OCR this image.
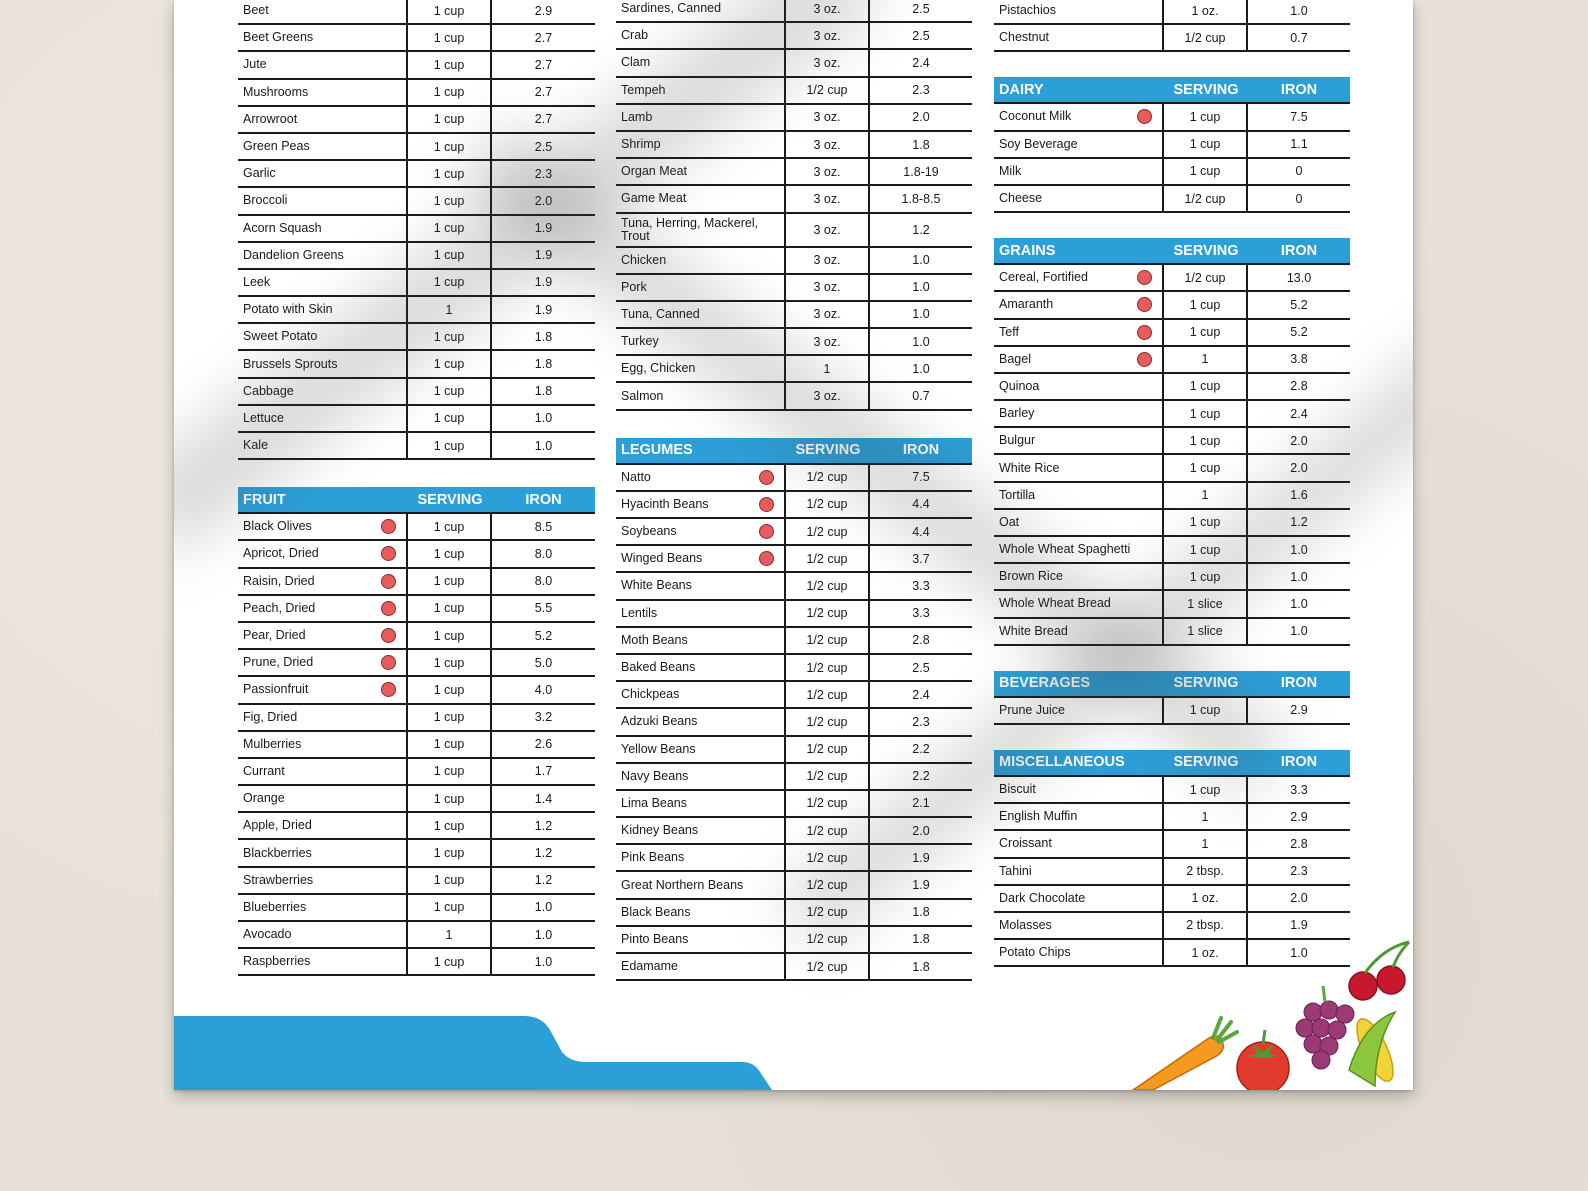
Beet	1 cup	2.9
Beet Greens	1 cup	2.7
Jute	1 cup	2.7
Mushrooms	1 cup	2.7
Arrowroot	1 cup	2.7
Green Peas	1 cup	2.5
Garlic	1 cup	2.3
Broccoli	1 cup	2.0
Acorn Squash	1 cup	1.9
Dandelion Greens	1 cup	1.9
Leek	1 cup	1.9
Potato with Skin	1	1.9
Sweet Potato	1 cup	1.8
Brussels Sprouts	1 cup	1.8
Cabbage	1 cup	1.8
Lettuce	1 cup	1.0
Kale	1 cup	1.0
FRUIT	SERVING	IRON
Black Olives	1 cup	8.5
Apricot, Dried	1 cup	8.0
Raisin, Dried	1 cup	8.0
Peach, Dried	1 cup	5.5
Pear, Dried	1 cup	5.2
Prune, Dried	1 cup	5.0
Passionfruit	1 cup	4.0
Fig, Dried	1 cup	3.2
Mulberries	1 cup	2.6
Currant	1 cup	1.7
Orange	1 cup	1.4
Apple, Dried	1 cup	1.2
Blackberries	1 cup	1.2
Strawberries	1 cup	1.2
Blueberries	1 cup	1.0
Avocado	1	1.0
Raspberries	1 cup	1.0
Sardines, Canned	3 oz.	2.5
Crab	3 oz.	2.5
Clam	3 oz.	2.4
Tempeh	1/2 cup	2.3
Lamb	3 oz.	2.0
Shrimp	3 oz.	1.8
Organ Meat	3 oz.	1.8-19
Game Meat	3 oz.	1.8-8.5
Tuna, Herring, Mackerel, Trout	3 oz.	1.2
Chicken	3 oz.	1.0
Pork	3 oz.	1.0
Tuna, Canned	3 oz.	1.0
Turkey	3 oz.	1.0
Egg, Chicken	1	1.0
Salmon	3 oz.	0.7
LEGUMES	SERVING	IRON
Natto	1/2 cup	7.5
Hyacinth Beans	1/2 cup	4.4
Soybeans	1/2 cup	4.4
Winged Beans	1/2 cup	3.7
White Beans	1/2 cup	3.3
Lentils	1/2 cup	3.3
Moth Beans	1/2 cup	2.8
Baked Beans	1/2 cup	2.5
Chickpeas	1/2 cup	2.4
Adzuki Beans	1/2 cup	2.3
Yellow Beans	1/2 cup	2.2
Navy Beans	1/2 cup	2.2
Lima Beans	1/2 cup	2.1
Kidney Beans	1/2 cup	2.0
Pink Beans	1/2 cup	1.9
Great Northern Beans	1/2 cup	1.9
Black Beans	1/2 cup	1.8
Pinto Beans	1/2 cup	1.8
Edamame	1/2 cup	1.8
Pistachios	1 oz.	1.0
Chestnut	1/2 cup	0.7
DAIRY	SERVING	IRON
Coconut Milk	1 cup	7.5
Soy Beverage	1 cup	1.1
Milk	1 cup	0
Cheese	1/2 cup	0
GRAINS	SERVING	IRON
Cereal, Fortified	1/2 cup	13.0
Amaranth	1 cup	5.2
Teff	1 cup	5.2
Bagel	1	3.8
Quinoa	1 cup	2.8
Barley	1 cup	2.4
Bulgur	1 cup	2.0
White Rice	1 cup	2.0
Tortilla	1	1.6
Oat	1 cup	1.2
Whole Wheat Spaghetti	1 cup	1.0
Brown Rice	1 cup	1.0
Whole Wheat Bread	1 slice	1.0
White Bread	1 slice	1.0
BEVERAGES	SERVING	IRON
Prune Juice	1 cup	2.9
MISCELLANEOUS	SERVING	IRON
Biscuit	1 cup	3.3
English Muffin	1	2.9
Croissant	1	2.8
Tahini	2 tbsp.	2.3
Dark Chocolate	1 oz.	2.0
Molasses	2 tbsp.	1.9
Potato Chips	1 oz.	1.0
